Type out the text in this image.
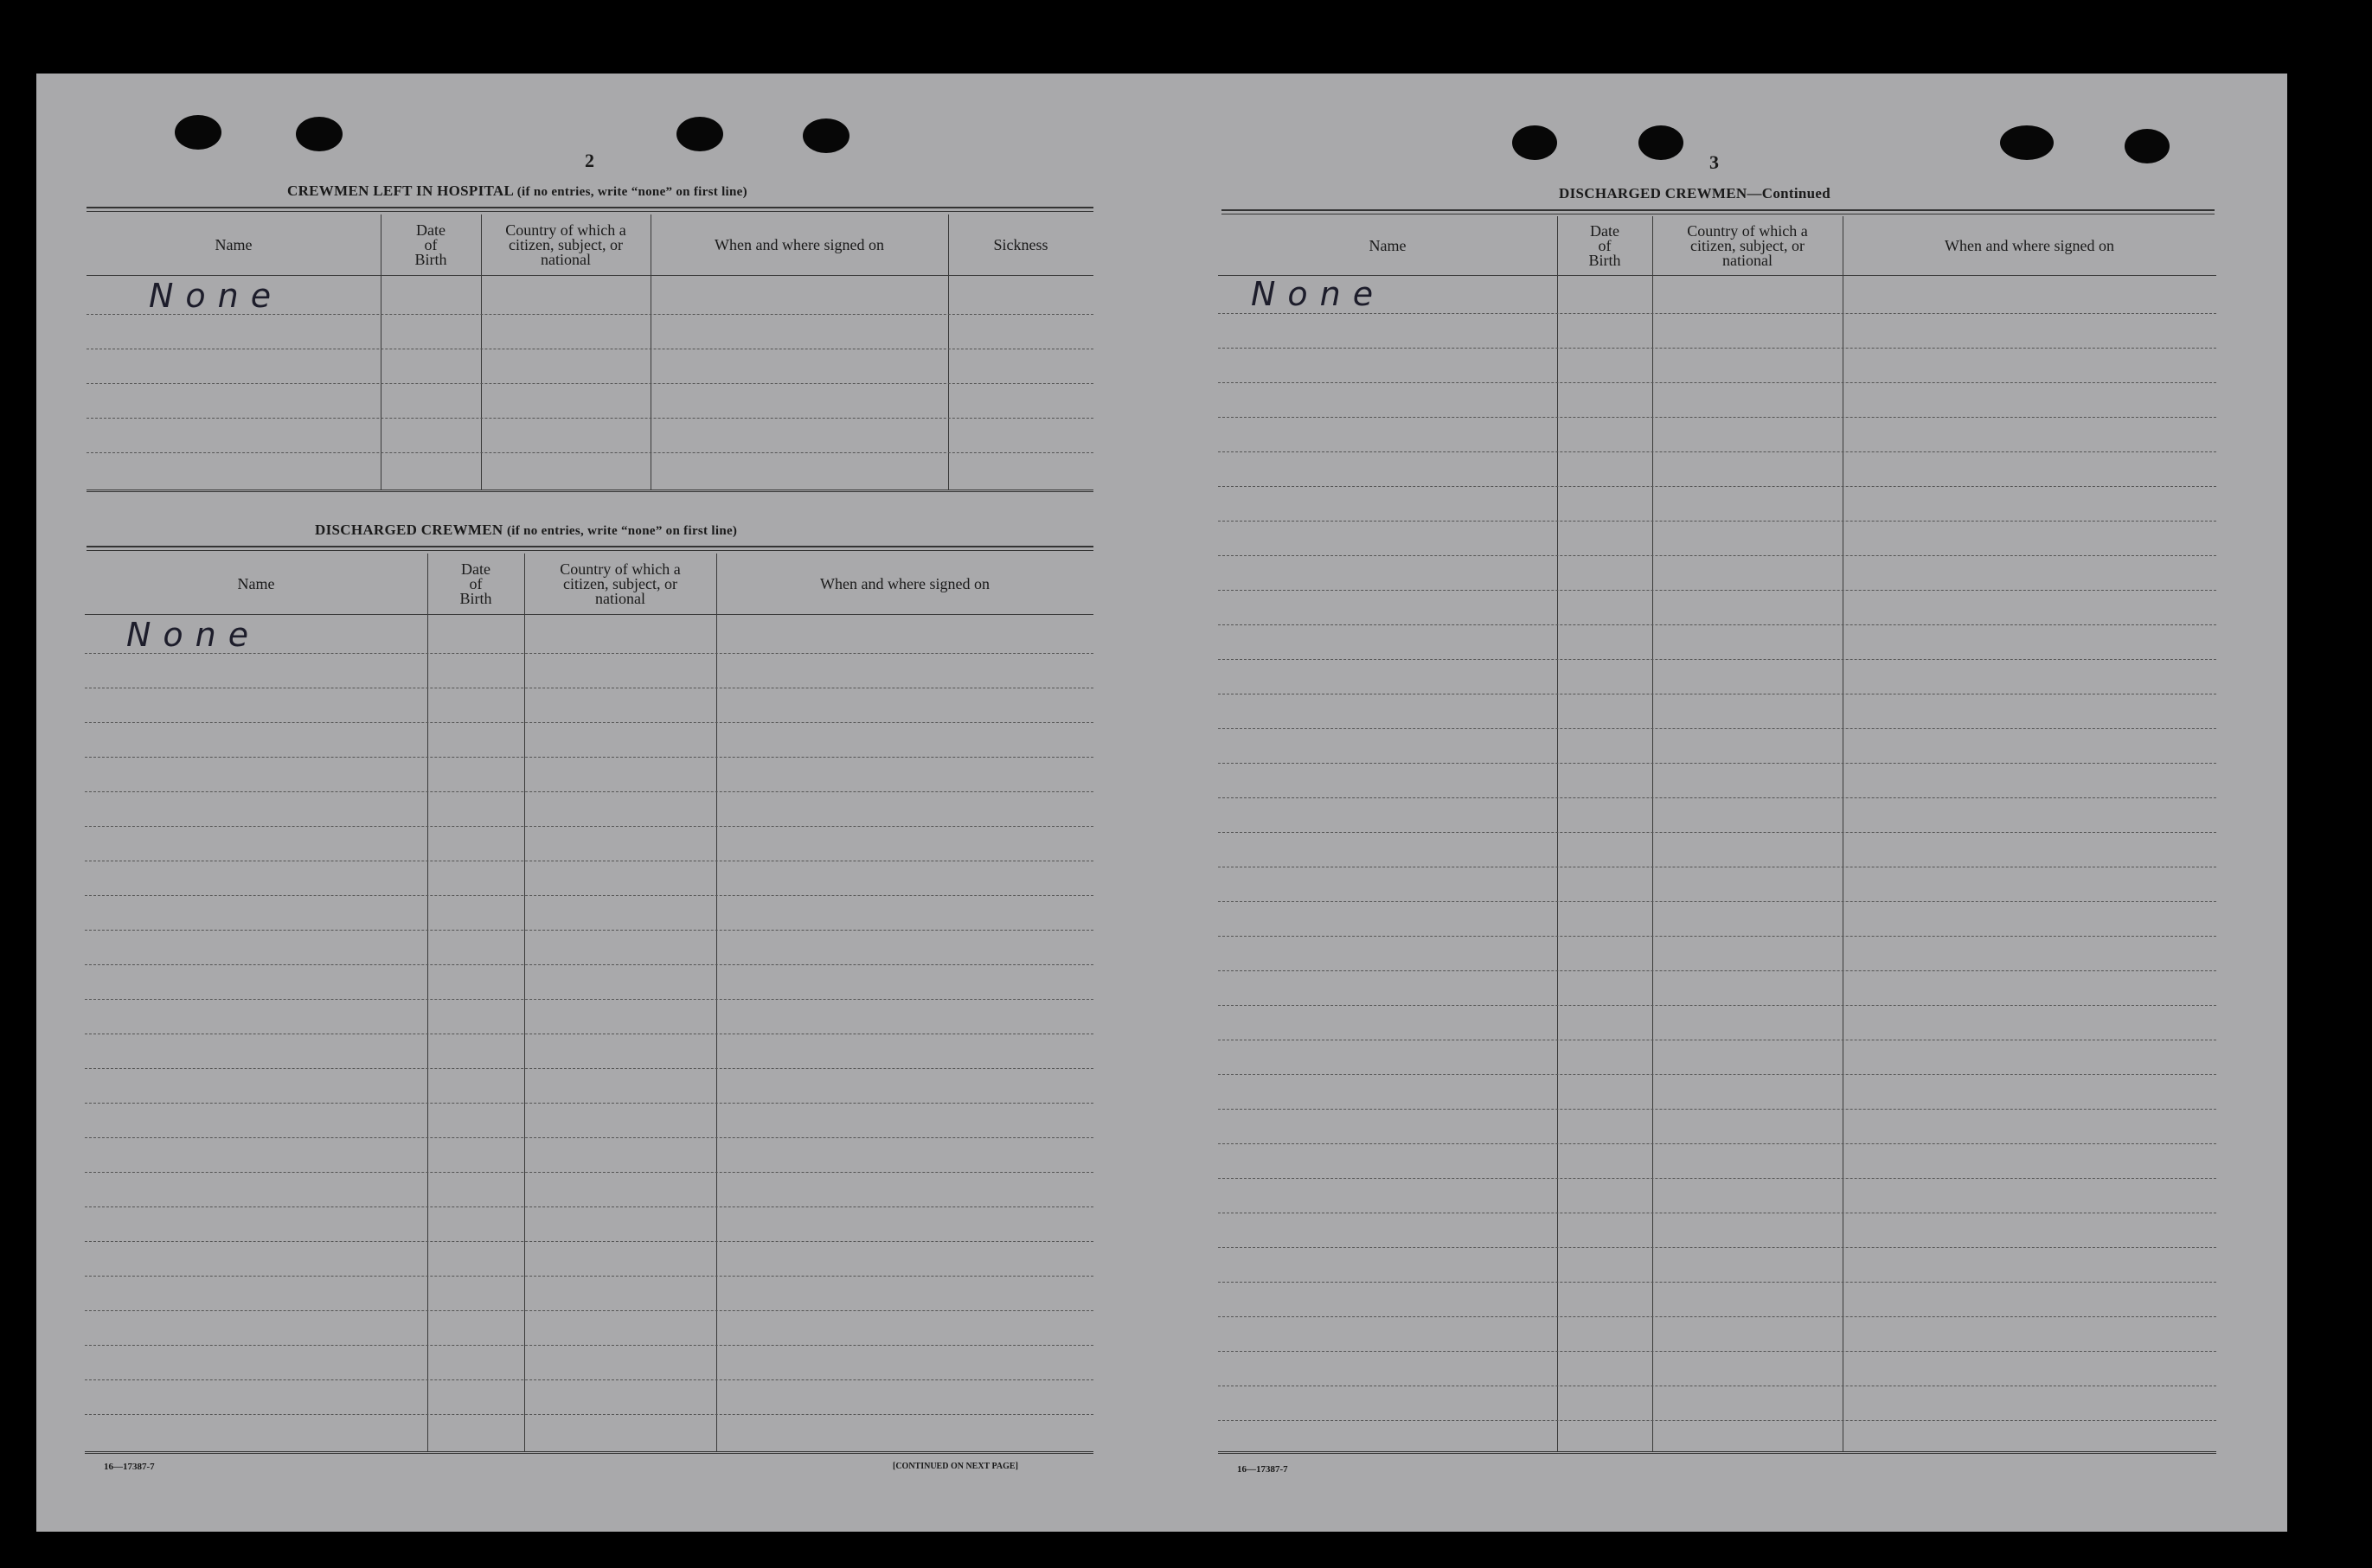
2
CREWMEN LEFT IN HOSPITAL (if no entries, write “none” on first line)
Name
Date
of
Birth
Country of which a
citizen, subject, or
national
When and where signed on	Sickness
None
DISCHARGED CREWMEN (if no entries, write “none” on first line)
Name
Date
of
Birth
Country of which a
citizen, subject, or
national
When and where signed on
None
16—17387-7	[CONTINUED ON NEXT PAGE]
3
DISCHARGED CREWMEN—Continued
Name
Date
of
Birth
Country of which a
citizen, subject, or
national
When and where signed on
None
16—17387-7
